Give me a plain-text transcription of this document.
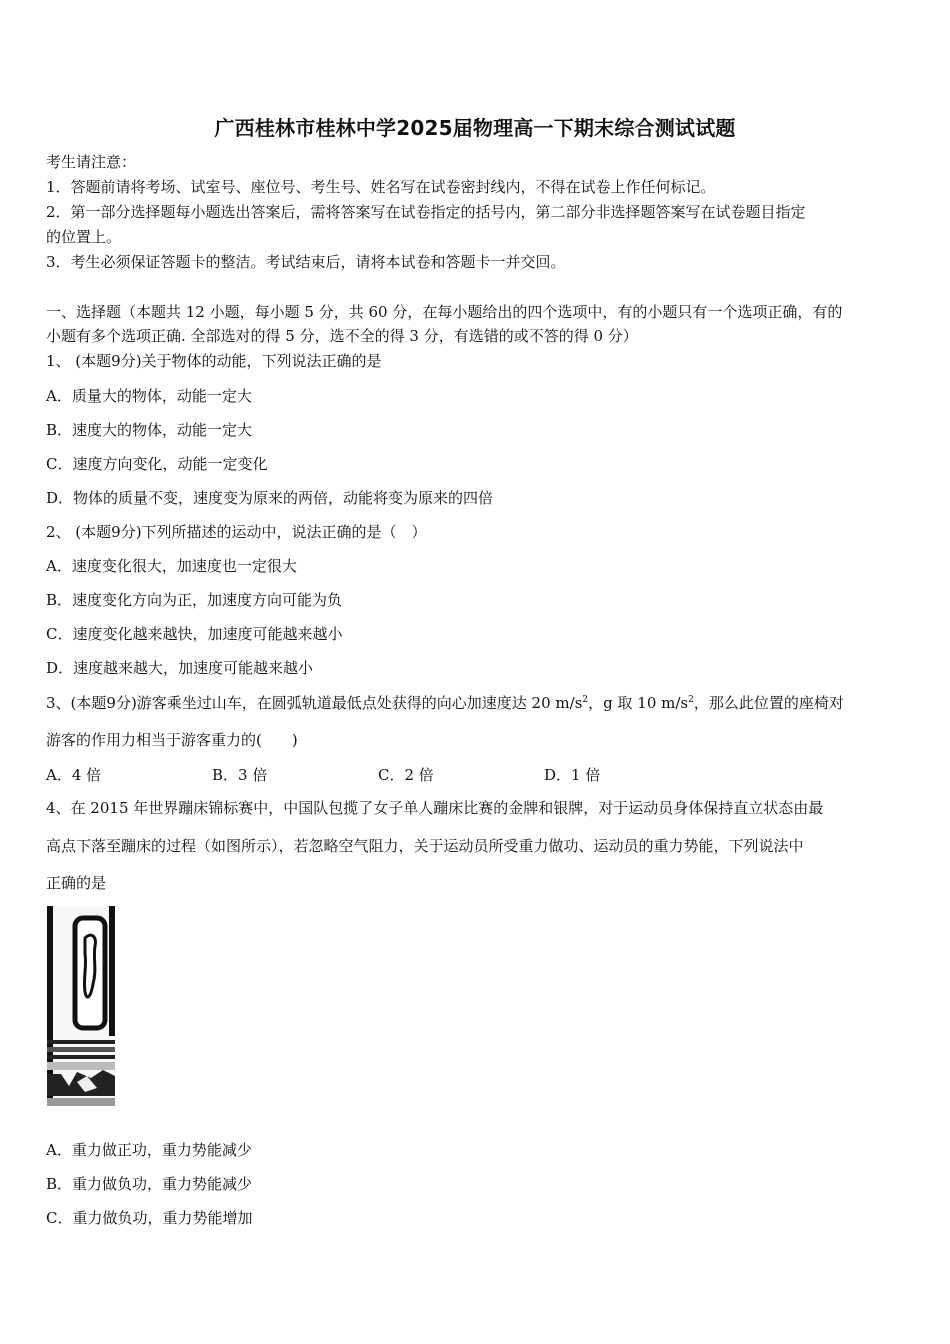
广西桂林市桂林中学2025届物理高一下期末综合测试试题
考生请注意：
1．答题前请将考场、试室号、座位号、考生号、姓名写在试卷密封线内，不得在试卷上作任何标记。
2．第一部分选择题每小题选出答案后，需将答案写在试卷指定的括号内，第二部分非选择题答案写在试卷题目指定
的位置上。
3．考生必须保证答题卡的整洁。考试结束后，请将本试卷和答题卡一并交回。
一、选择题（本题共 12 小题，每小题 5 分，共 60 分，在每小题给出的四个选项中，有的小题只有一个选项正确，有的
小题有多个选项正确. 全部选对的得 5 分，选不全的得 3 分，有选错的或不答的得 0 分）
1、 (本题9分)关于物体的动能，下列说法正确的是
A．质量大的物体，动能一定大
B．速度大的物体，动能一定大
C．速度方向变化，动能一定变化
D．物体的质量不变，速度变为原来的两倍，动能将变为原来的四倍
2、 (本题9分)下列所描述的运动中，说法正确的是（　）
A．速度变化很大，加速度也一定很大
B．速度变化方向为正，加速度方向可能为负
C．速度变化越来越快，加速度可能越来越小
D．速度越来越大，加速度可能越来越小
3、(本题9分)游客乘坐过山车，在圆弧轨道最低点处获得的向心加速度达 20 $m/s^2$，g 取 10 $m/s^2$，那么此位置的座椅对
游客的作用力相当于游客重力的(　　)
A．4 倍	B．3 倍	C．2 倍	D．1 倍
4、在 2015 年世界蹦床锦标赛中，中国队包揽了女子单人蹦床比赛的金牌和银牌，对于运动员身体保持直立状态由最
高点下落至蹦床的过程（如图所示），若忽略空气阻力，关于运动员所受重力做功、运动员的重力势能，下列说法中
正确的是
A．重力做正功，重力势能减少
B．重力做负功，重力势能减少
C．重力做负功，重力势能增加
